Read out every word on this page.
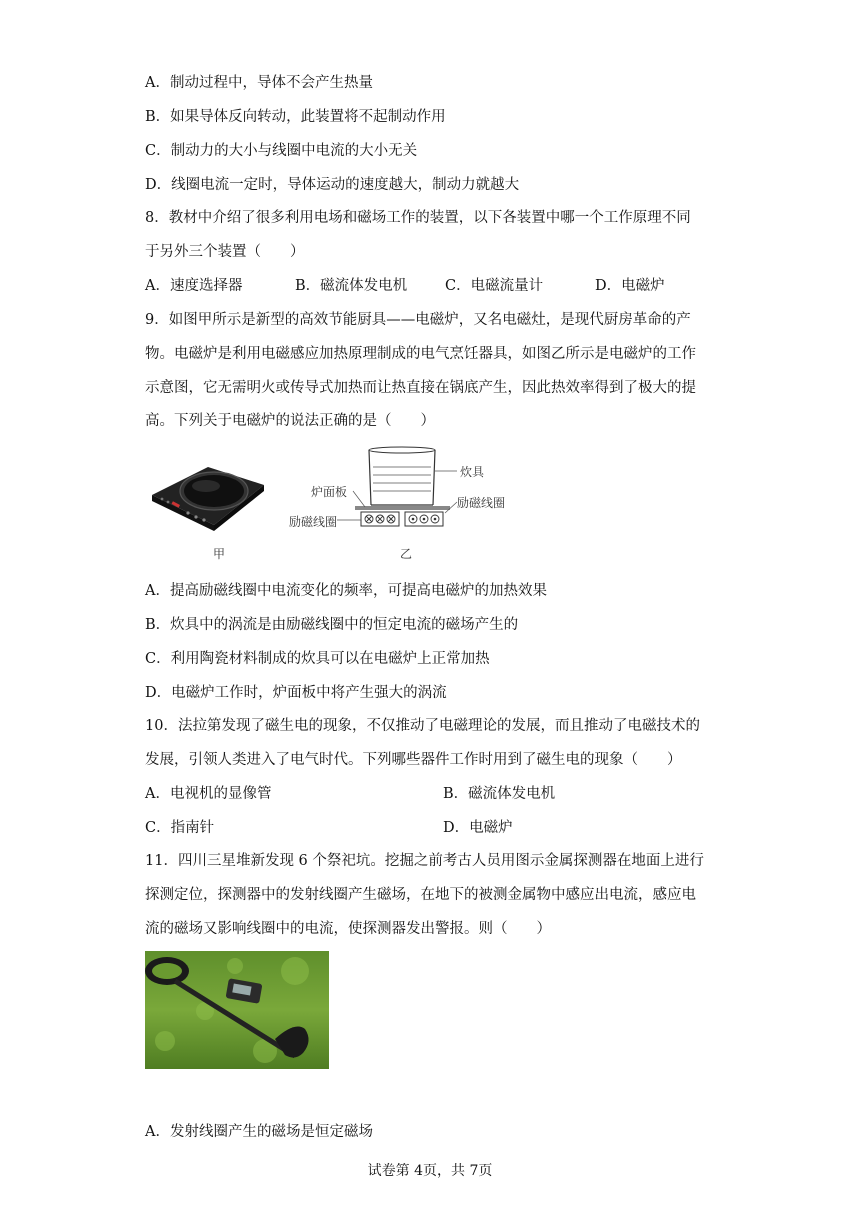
A．制动过程中，导体不会产生热量
B．如果导体反向转动，此装置将不起制动作用
C．制动力的大小与线圈中电流的大小无关
D．线圈电流一定时，导体运动的速度越大，制动力就越大
8．教材中介绍了很多利用电场和磁场工作的装置，以下各装置中哪一个工作原理不同
于另外三个装置（　　）
A．速度选择器	B．磁流体发电机	C．电磁流量计	D．电磁炉
9．如图甲所示是新型的高效节能厨具——电磁炉，又名电磁灶，是现代厨房革命的产
物。电磁炉是利用电磁感应加热原理制成的电气烹饪器具，如图乙所示是电磁炉的工作
示意图，它无需明火或传导式加热而让热直接在锅底产生，因此热效率得到了极大的提
高。下列关于电磁炉的说法正确的是（　　）
甲
炊具
炉面板
励磁线圈
励磁线圈
乙
A．提高励磁线圈中电流变化的频率，可提高电磁炉的加热效果
B．炊具中的涡流是由励磁线圈中的恒定电流的磁场产生的
C．利用陶瓷材料制成的炊具可以在电磁炉上正常加热
D．电磁炉工作时，炉面板中将产生强大的涡流
10．法拉第发现了磁生电的现象，不仅推动了电磁理论的发展，而且推动了电磁技术的
发展，引领人类进入了电气时代。下列哪些器件工作时用到了磁生电的现象（　　）
A．电视机的显像管	B．磁流体发电机
C．指南针	D．电磁炉
11．四川三星堆新发现 6 个祭祀坑。挖掘之前考古人员用图示金属探测器在地面上进行
探测定位，探测器中的发射线圈产生磁场，在地下的被测金属物中感应出电流，感应电
流的磁场又影响线圈中的电流，使探测器发出警报。则（　　）
A．发射线圈产生的磁场是恒定磁场
试卷第 4页，共 7页
